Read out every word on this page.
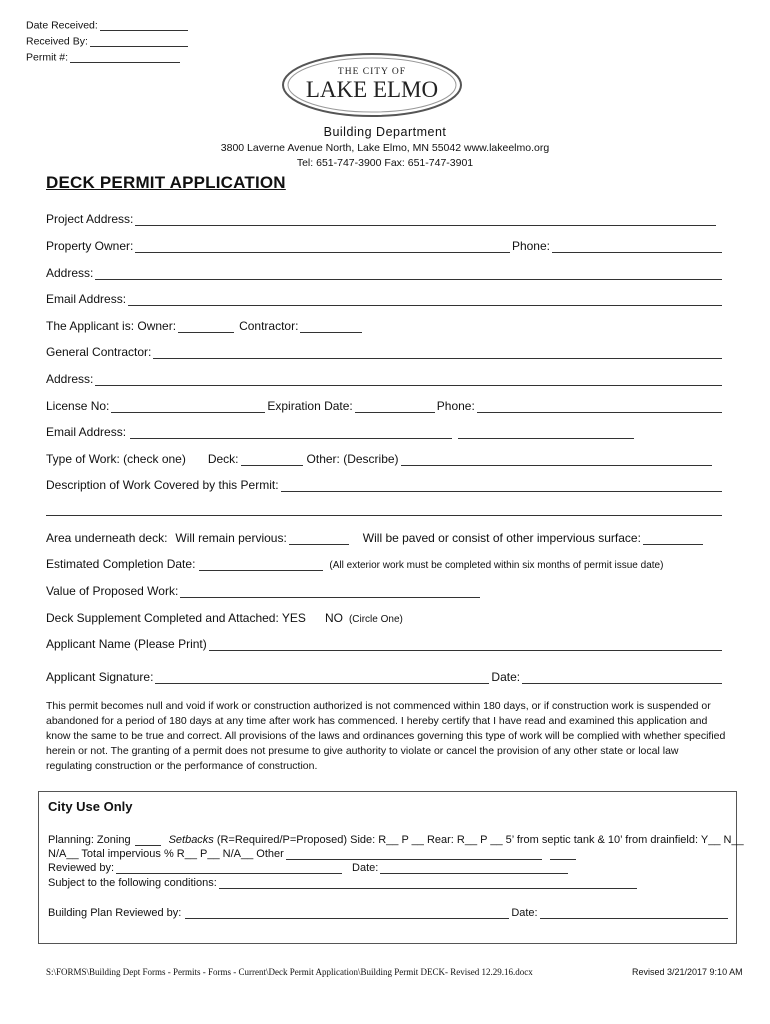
Date Received:
Received By:
Permit #:
THE CITY OF
LAKE ELMO
Building Department
3800 Laverne Avenue North, Lake Elmo, MN 55042 www.lakeelmo.org
Tel: 651-747-3900 Fax: 651-747-3901
DECK PERMIT APPLICATION
Project Address:
Property Owner:	Phone:
Address:
Email Address:
The Applicant is: Owner:	Contractor:
General Contractor:
Address:
License No:	Expiration Date:	Phone:
Email Address:
Type of Work: (check one) Deck:	Other: (Describe)
Description of Work Covered by this Permit:
Area underneath deck: Will remain pervious:	Will be paved or consist of other impervious surface:
Estimated Completion Date:	(All exterior work must be completed within six months of permit issue date)
Value of Proposed Work:
Deck Supplement Completed and Attached: YES NO (Circle One)
Applicant Name (Please Print)
Applicant Signature:	Date:
This permit becomes null and void if work or construction authorized is not commenced within 180 days, or if construction work is suspended or abandoned for a period of 180 days at any time after work has commenced. I hereby certify that I have read and examined this application and know the same to be true and correct. All provisions of the laws and ordinances governing this type of work will be complied with whether specified herein or not. The granting of a permit does not presume to give authority to violate or cancel the provision of any other state or local law regulating construction or the performance of construction.
City Use Only
Planning: Zoning	Setbacks (R=Required/P=Proposed) Side: R__ P __ Rear: R__ P __ 5’ from septic tank & 10’ from drainfield: Y__ N__
N/A__ Total impervious % R__ P__ N/A__ Other
Reviewed by:	Date:
Subject to the following conditions:
Building Plan Reviewed by:	Date:
S:\FORMS\Building Dept Forms - Permits - Forms - Current\Deck Permit Application\Building Permit DECK- Revised 12.29.16.docx	Revised 3/21/2017 9:10 AM
